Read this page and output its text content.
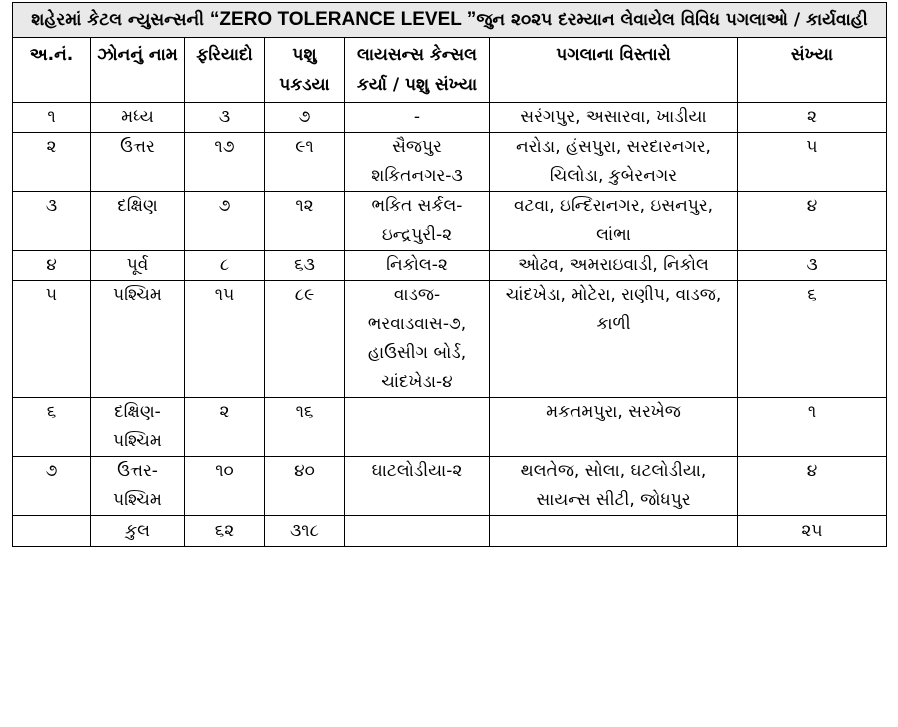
શહેરમાં કેટલ ન્યુસન્સની “ZERO TOLERANCE LEVEL ”જુન ૨૦૨૫ દરમ્યાન લેવાયેલ વિવિધ પગલાઓ / કાર્યવાહી						
અ.નં.	ઝોનનું નામ	ફરિયાદો	પશુ પકડયા	લાયસન્સ કેન્સલ કર્યા / પશુ સંખ્યા	પગલાના વિસ્તારો	સંખ્યા
૧	મધ્ય	૩	૭	-	સરંગપુર, અસારવા, ખાડીયા	૨
૨	ઉત્તર	૧૭	૯૧	સૈજપુર શકિતનગર-૩	નરોડા, હંસપુરા, સરદારનગર, ચિલોડા, કુબેરનગર	૫
૩	દક્ષિણ	૭	૧૨	ભકિત સર્કલ- ઇન્દ્રપુરી-૨	વટવા, ઇન્દિરાનગર, ઇસનપુર, લાંભા	૪
૪	પૂર્વ	૮	૬૩	નિકોલ-૨	ઓઢવ, અમરાઇવાડી, નિકોલ	૩
૫	પશ્ચિમ	૧૫	૮૯	વાડજ- ભરવાડવાસ-૭, હાઉસીગ બોર્ડ, ચાંદખેડા-૪	ચાંદખેડા, મોટેરા, રાણીપ, વાડજ, કાળી	૬
૬	દક્ષિણ- પશ્ચિમ	૨	૧૬		મકતમપુરા, સરખેજ	૧
૭	ઉત્તર- પશ્ચિમ	૧૦	૪૦	ઘાટલોડીયા-૨	થલતેજ, સોલા, ઘટલોડીયા, સાયન્સ સીટી, જોધપુર	૪
	કુલ	૬૨	૩૧૮			૨૫
